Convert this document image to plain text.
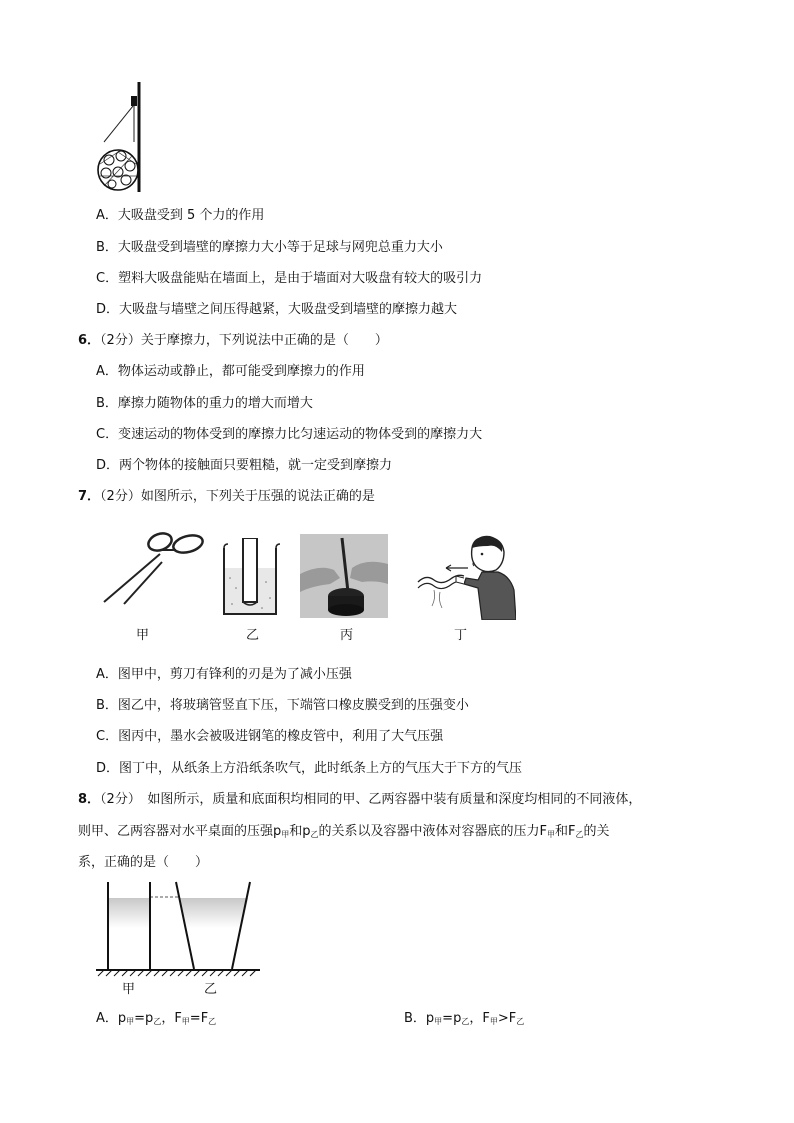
A．大吸盘受到 5 个力的作用
B．大吸盘受到墙壁的摩擦力大小等于足球与网兜总重力大小
C．塑料大吸盘能贴在墙面上，是由于墙面对大吸盘有较大的吸引力
D．大吸盘与墙壁之间压得越紧，大吸盘受到墙壁的摩擦力越大
6．（2分）关于摩擦力，下列说法中正确的是（　　）
A．物体运动或静止，都可能受到摩擦力的作用
B．摩擦力随物体的重力的增大而增大
C．变速运动的物体受到的摩擦力比匀速运动的物体受到的摩擦力大
D．两个物体的接触面只要粗糙，就一定受到摩擦力
7．（2分）如图所示，下列关于压强的说法正确的是
甲	乙	丙	丁
A．图甲中，剪刀有锋利的刃是为了减小压强
B．图乙中，将玻璃管竖直下压，下端管口橡皮膜受到的压强变小
C．图丙中，墨水会被吸进钢笔的橡皮管中，利用了大气压强
D．图丁中，从纸条上方沿纸条吹气，此时纸条上方的气压大于下方的气压
8．（2分）　如图所示，质量和底面积均相同的甲、乙两容器中装有质量和深度均相同的不同液体，
则甲、乙两容器对水平桌面的压强$p_甲$和$p_乙$的关系以及容器中液体对容器底的压力$F_甲$和$F_乙$的关
系，正确的是（　　）
甲	乙
A．$p_甲=p_乙$，$F_甲=F_乙$	B．$p_甲=p_乙$，$F_甲>F_乙$
